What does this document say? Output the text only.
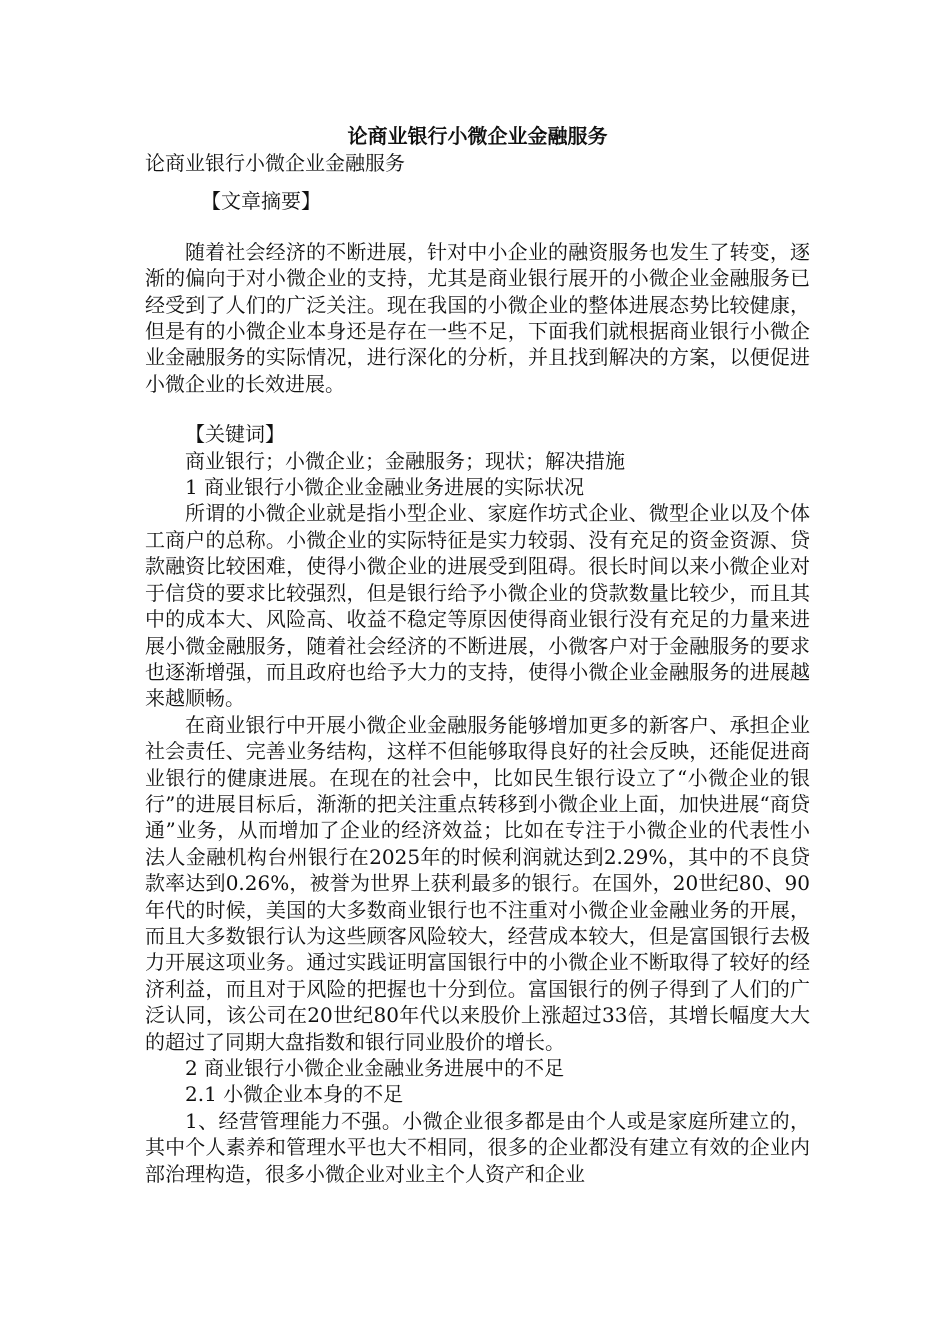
论商业银行小微企业金融服务

论商业银行小微企业金融服务

【文章摘要】

随着社会经济的不断进展，针对中小企业的融资服务也发生了转变，逐渐的偏向于对小微企业的支持，尤其是商业银行展开的小微企业金融服务已经受到了人们的广泛关注。现在我国的小微企业的整体进展态势比较健康，但是有的小微企业本身还是存在一些不足，下面我们就根据商业银行小微企业金融服务的实际情况，进行深化的分析，并且找到解决的方案，以便促进小微企业的长效进展。

【关键词】

商业银行；小微企业；金融服务；现状；解决措施

1 商业银行小微企业金融业务进展的实际状况

所谓的小微企业就是指小型企业、家庭作坊式企业、微型企业以及个体工商户的总称。小微企业的实际特征是实力较弱、没有充足的资金资源、贷款融资比较困难，使得小微企业的进展受到阻碍。很长时间以来小微企业对于信贷的要求比较强烈，但是银行给予小微企业的贷款数量比较少，而且其中的成本大、风险高、收益不稳定等原因使得商业银行没有充足的力量来进展小微金融服务，随着社会经济的不断进展，小微客户对于金融服务的要求也逐渐增强，而且政府也给予大力的支持，使得小微企业金融服务的进展越来越顺畅。

在商业银行中开展小微企业金融服务能够增加更多的新客户、承担企业社会责任、完善业务结构，这样不但能够取得良好的社会反映，还能促进商业银行的健康进展。在现在的社会中，比如民生银行设立了“小微企业的银行”的进展目标后，渐渐的把关注重点转移到小微企业上面，加快进展“商贷通”业务，从而增加了企业的经济效益；比如在专注于小微企业的代表性小法人金融机构台州银行在2025年的时候利润就达到2.29%，其中的不良贷款率达到0.26%，被誉为世界上获利最多的银行。在国外，20世纪80、90年代的时候，美国的大多数商业银行也不注重对小微企业金融业务的开展，而且大多数银行认为这些顾客风险较大，经营成本较大，但是富国银行去极力开展这项业务。通过实践证明富国银行中的小微企业不断取得了较好的经济利益，而且对于风险的把握也十分到位。富国银行的例子得到了人们的广泛认同，该公司在20世纪80年代以来股价上涨超过33倍，其增长幅度大大的超过了同期大盘指数和银行同业股价的增长。

2 商业银行小微企业金融业务进展中的不足

2.1 小微企业本身的不足

1、经营管理能力不强。小微企业很多都是由个人或是家庭所建立的，其中个人素养和管理水平也大不相同，很多的企业都没有建立有效的企业内部治理构造，很多小微企业对业主个人资产和企业
